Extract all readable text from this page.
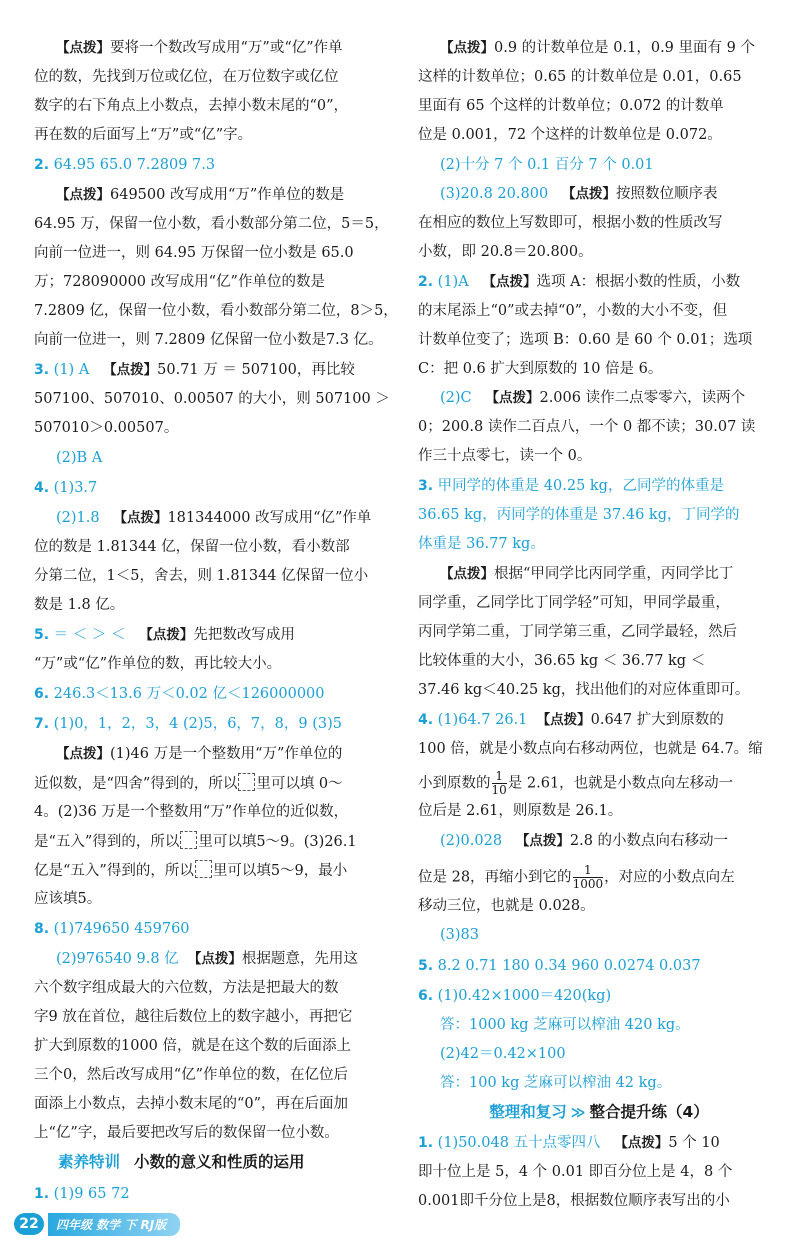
【 点拨 】 要将一个数改写成用“万”或“亿”作单
位的数，先找到万位或亿位，在万位数字或亿位
数字的右下角点上小数点，去掉小数末尾的“0”，
再在数的后面写上“万”或“亿”字。
2. 64.95 65.0 7.2809 7.3
【 点拨 】 649500 改写成用“万”作单位的数是
64.95 万，保留一位小数，看小数部分第二位，5＝5，
向前一位进一，则 64.95 万保留一位小数是 65.0
万；728090000 改写成用“亿”作单位的数是
7.2809 亿，保留一位小数，看小数部分第二位，8＞5，
向前一位进一，则 7.2809 亿保留一位小数是7.3 亿。
3. (1) A 【 点拨 】 50.71 万 ＝ 507100，再比较
507100、507010、0.00507 的大小，则 507100 ＞
507010＞0.00507。
(2)B A
4. (1)3.7
(2)1.8 【 点拨 】 181344000 改写成用“亿”作单
位的数是 1.81344 亿，保留一位小数，看小数部
分第二位，1＜5，舍去，则 1.81344 亿保留一位小
数是 1.8 亿。
5. ＝ ＜ ＞ ＜ 【 点拨 】 先把数改写成用
“万”或“亿”作单位的数，再比较大小。
6. 246.3＜13.6 万＜0.02 亿＜126000000
7. (1)0，1，2，3，4 (2)5，6，7，8，9 (3)5
【 点拨 】 (1)46 万是一个整数用“万”作单位的
近似数，是“四舍”得到的，所以 里可以填 0～
4。(2)36 万是一个整数用“万”作单位的近似数，
是“五入”得到的，所以 里可以填5～9。(3)26.1
亿是“五入”得到的，所以 里可以填5～9，最小
应该填5。
8. (1)749650 459760
(2)976540 9.8 亿 【 点拨 】 根据题意，先用这
六个数字组成最大的六位数，方法是把最大的数
字9 放在首位，越往后数位上的数字越小，再把它
扩大到原数的1000 倍，就是在这个数的后面添上
三个0，然后改写成用“亿”作单位的数，在亿位后
面添上小数点，去掉小数末尾的“0”，再在后面加
上“亿”字，最后要把改写后的数保留一位小数。
素养特训 小数的意义和性质的运用
1. (1)9 65 72
【 点拨 】 0.9 的计数单位是 0.1，0.9 里面有 9 个
这样的计数单位；0.65 的计数单位是 0.01，0.65
里面有 65 个这样的计数单位；0.072 的计数单
位是 0.001，72 个这样的计数单位是 0.072。
(2)十分 7 个 0.1 百分 7 个 0.01
(3)20.8 20.800 【 点拨 】 按照数位顺序表
在相应的数位上写数即可，根据小数的性质改写
小数，即 20.8＝20.800。
2. (1)A 【 点拨 】 选项 A：根据小数的性质，小数
的末尾添上“0”或去掉“0”，小数的大小不变，但
计数单位变了；选项 B：0.60 是 60 个 0.01；选项
C：把 0.6 扩大到原数的 10 倍是 6。
(2)C 【 点拨 】 2.006 读作二点零零六，读两个
0；200.8 读作二百点八，一个 0 都不读；30.07 读
作三十点零七，读一个 0。
3. 甲同学的体重是 40.25 kg，乙同学的体重是
36.65 kg，丙同学的体重是 37.46 kg，丁同学的
体重是 36.77 kg。
【 点拨 】 根据“甲同学比丙同学重，丙同学比丁
同学重，乙同学比丁同学轻”可知，甲同学最重，
丙同学第二重，丁同学第三重，乙同学最轻，然后
比较体重的大小，36.65 kg ＜ 36.77 kg ＜
37.46 kg＜40.25 kg，找出他们的对应体重即可。
4. (1)64.7 26.1 【 点拨 】 0.647 扩大到原数的
100 倍，就是小数点向右移动两位，也就是 64.7。缩
小到原数的 $\frac{1}{10}$ 是 2.61，也就是小数点向左移动一
位后是 2.61，则原数是 26.1。
(2)0.028 【 点拨 】 2.8 的小数点向右移动一
位是 28，再缩小到它的 $\frac{1}{1000}$ ，对应的小数点向左
移动三位，也就是 0.028。
(3)83
5. 8.2 0.71 180 0.34 960 0.0274 0.037
6. (1)0.42×1000＝420(kg)
答：1000 kg 芝麻可以榨油 420 kg。
(2)42＝0.42×100
答：100 kg 芝麻可以榨油 42 kg。
整理和复习 ≫ 整合提升练（4）
1. (1)50.048 五十点零四八 【 点拨 】 5 个 10
即十位上是 5，4 个 0.01 即百分位上是 4，8 个
0.001即千分位上是8，根据数位顺序表写出的小
22	四年级 数学 下 RJ版
